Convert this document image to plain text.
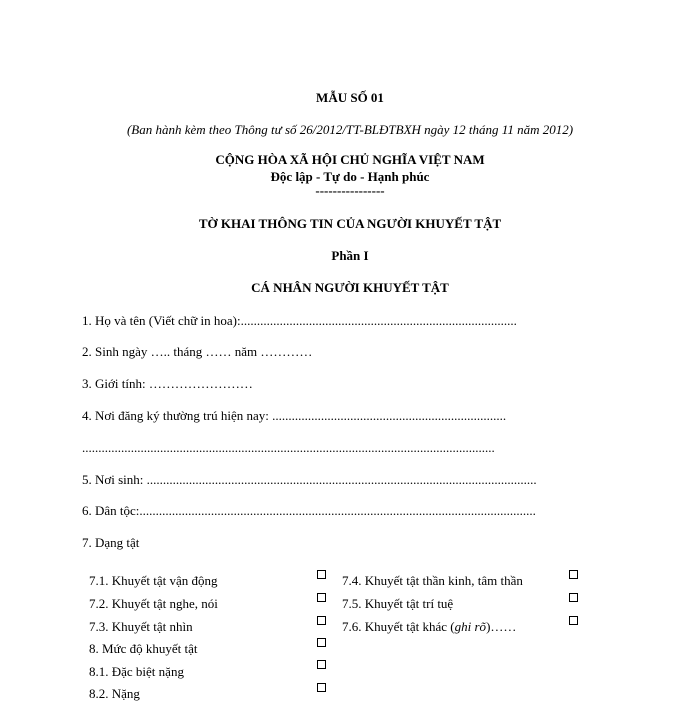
MẪU SỐ 01
(Ban hành kèm theo Thông tư số 26/2012/TT-BLĐTBXH ngày 12 tháng 11 năm 2012)
CỘNG HÒA XÃ HỘI CHỦ NGHĨA VIỆT NAM
Độc lập - Tự do - Hạnh phúc
----------------
TỜ KHAI THÔNG TIN CỦA NGƯỜI KHUYẾT TẬT
Phần I
CÁ NHÂN NGƯỜI KHUYẾT TẬT
1. Họ và tên (Viết chữ in hoa):.....................................................................................
2. Sinh ngày ….. tháng …… năm …………
3. Giới tính: ……………………
4. Nơi đăng ký thường trú hiện nay: ........................................................................
...............................................................................................................................
5. Nơi sinh: ........................................................................................................................
6. Dân tộc:..........................................................................................................................
7. Dạng tật
7.1. Khuyết tật vận động
7.2. Khuyết tật nghe, nói
7.3. Khuyết tật nhìn
7.4. Khuyết tật thần kinh, tâm thần
7.5. Khuyết tật trí tuệ
7.6. Khuyết tật khác (ghi rõ)……
8. Mức độ khuyết tật
8.1. Đặc biệt nặng
8.2. Nặng
